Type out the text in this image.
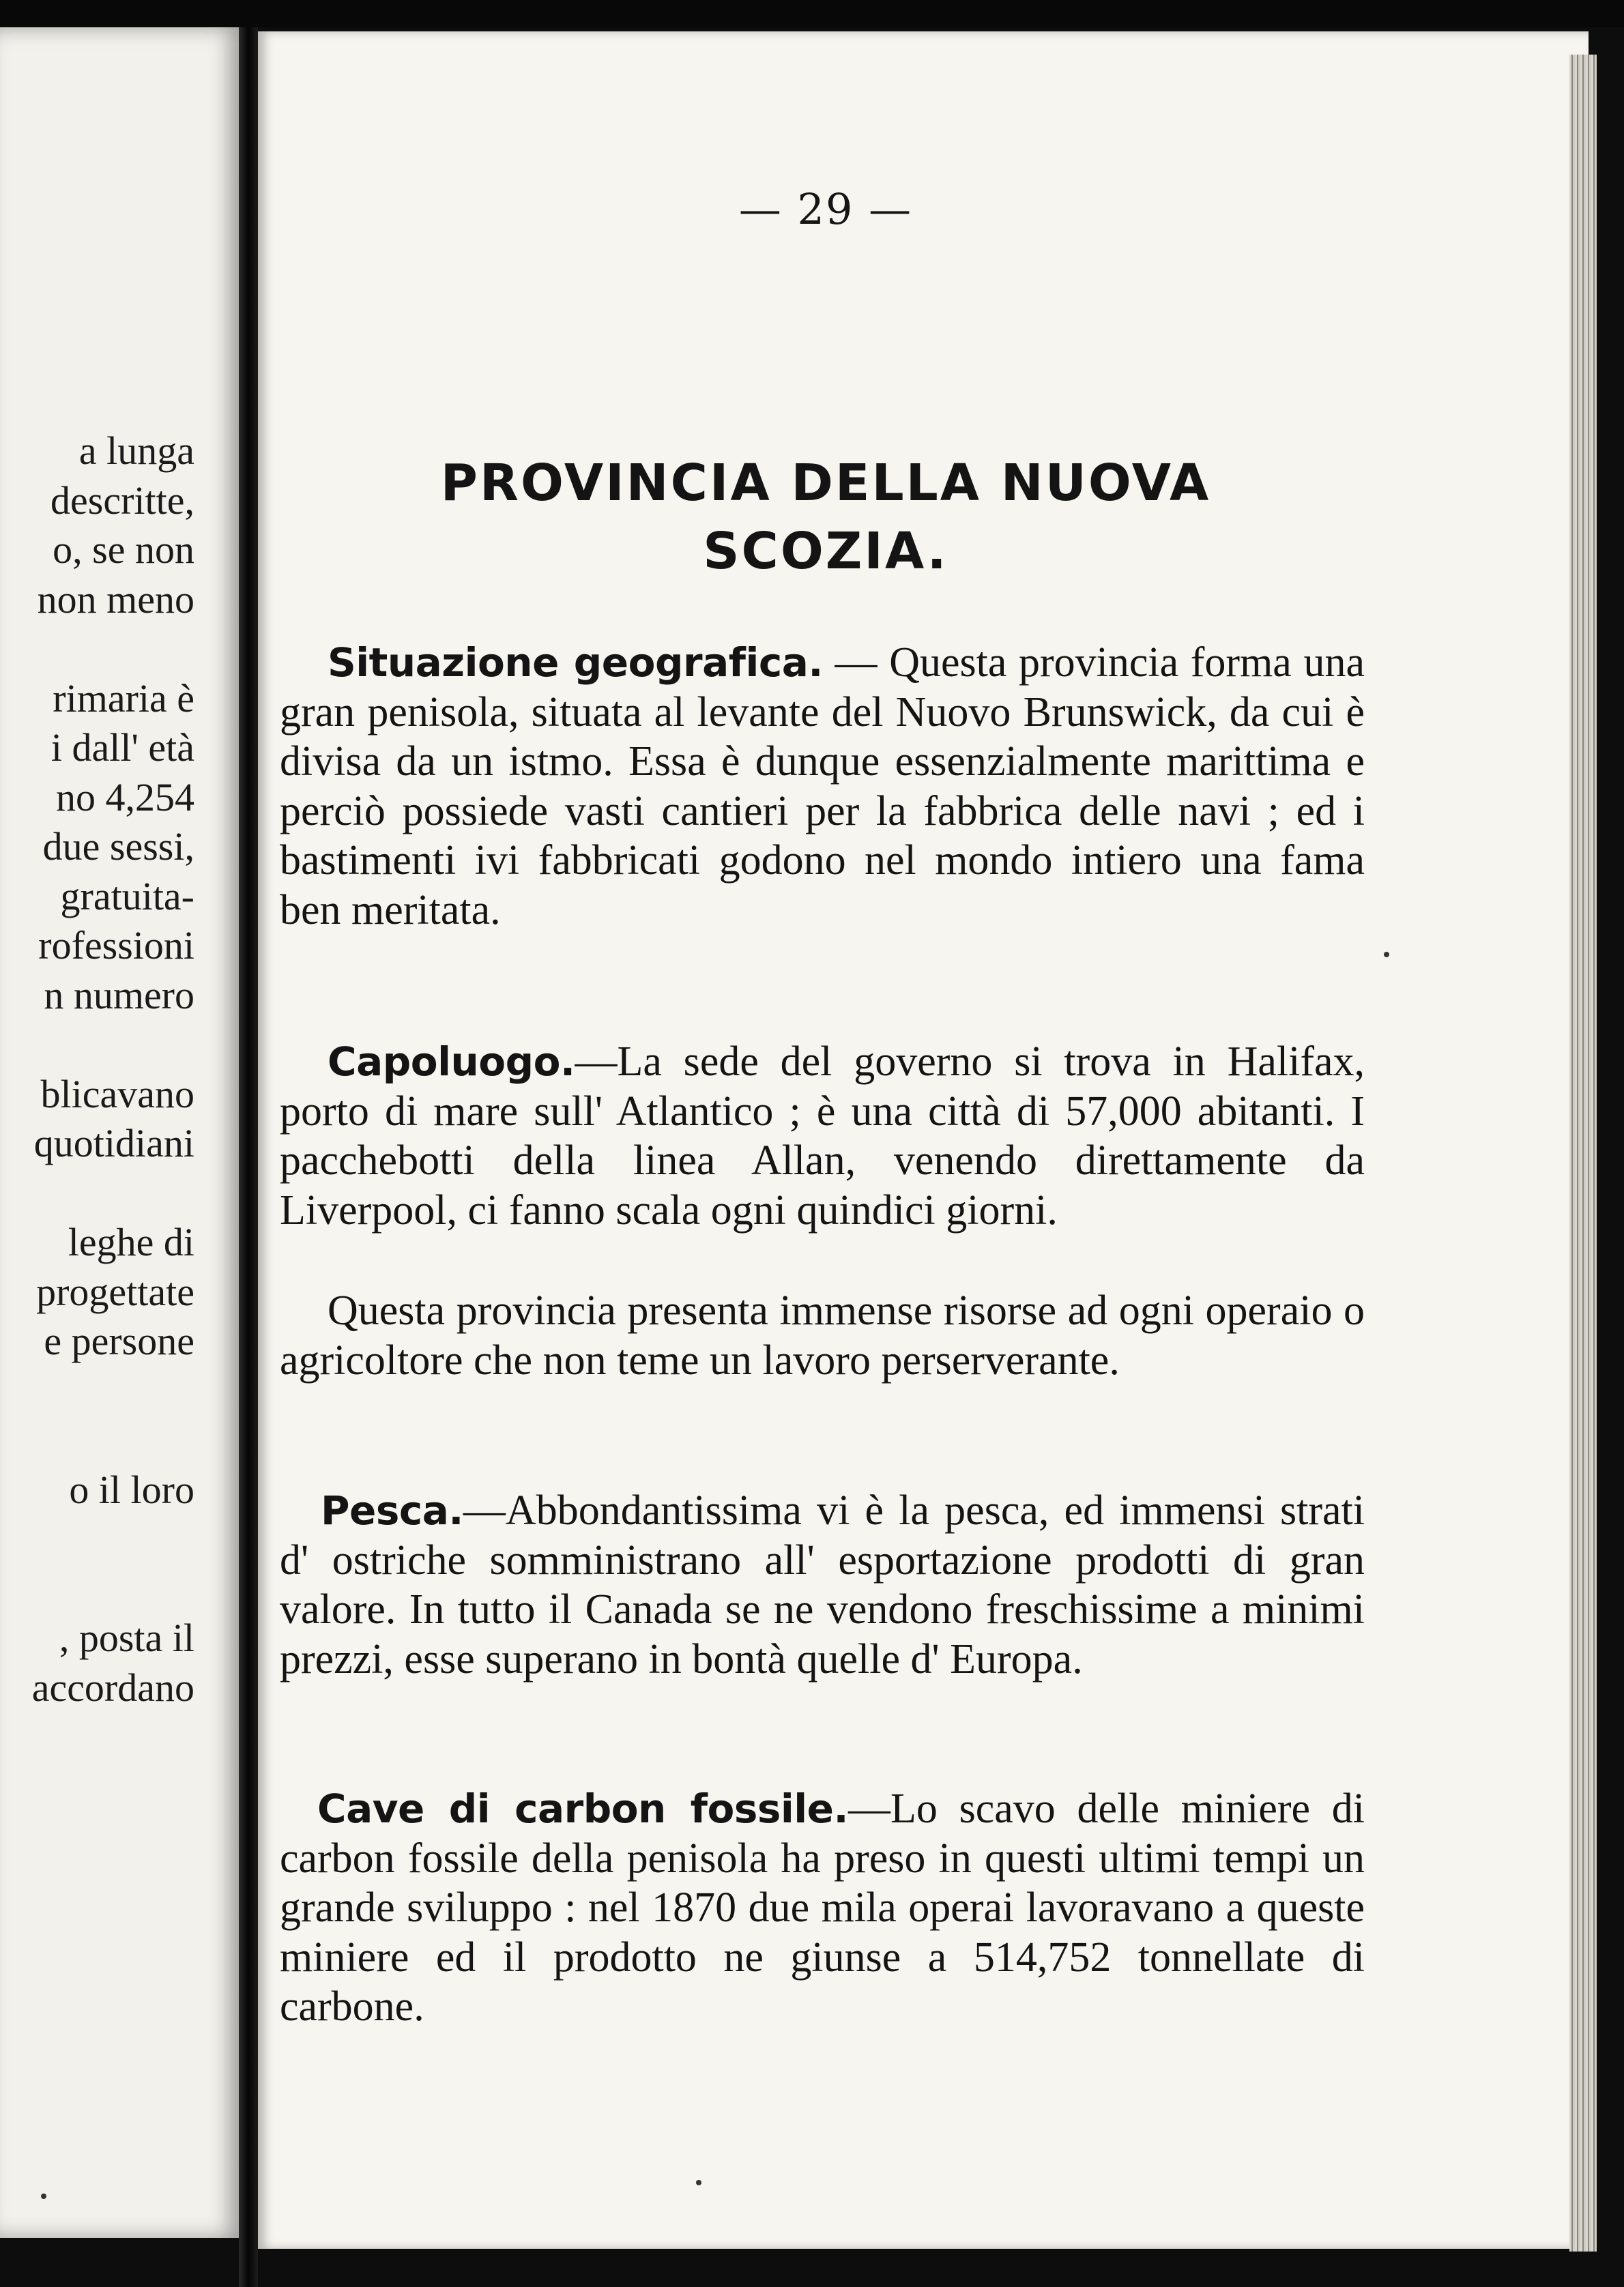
a lunga
descritte,
o, se non
non meno
rimaria è
i dall' età
no 4,254
due sessi,
gratuita-
rofessioni
n numero
blicavano
quotidiani
leghe di
progettate
e persone
o il loro
, posta il
accordano
— 29 —
PROVINCIA DELLA NUOVA
SCOZIA.

Situazione geografica. — Questa provincia forma una gran penisola, situata al levante del Nuovo Brunswick, da cui è divisa da un istmo. Essa è dunque essenzialmente marittima e perciò possiede vasti cantieri per la fabbrica delle navi ; ed i bastimenti ivi fabbricati godono nel mondo intiero una fama ben meritata.

Capoluogo.—La sede del governo si trova in Halifax, porto di mare sull' Atlantico ; è una città di 57,000 abitanti. I pacchebotti della linea Allan, venendo direttamente da Liverpool, ci fanno scala ogni quindici giorni.

Questa provincia presenta immense risorse ad ogni operaio o agricoltore che non teme un lavoro perserverante.

Pesca.—Abbondantissima vi è la pesca, ed immensi strati d' ostriche somministrano all' esportazione prodotti di gran valore. In tutto il Canada se ne vendono freschissime a minimi prezzi, esse superano in bontà quelle d' Europa.

Cave di carbon fossile.—Lo scavo delle miniere di carbon fossile della penisola ha preso in questi ultimi tempi un grande sviluppo : nel 1870 due mila operai lavoravano a queste miniere ed il prodotto ne giunse a 514,752 tonnellate di carbone.
